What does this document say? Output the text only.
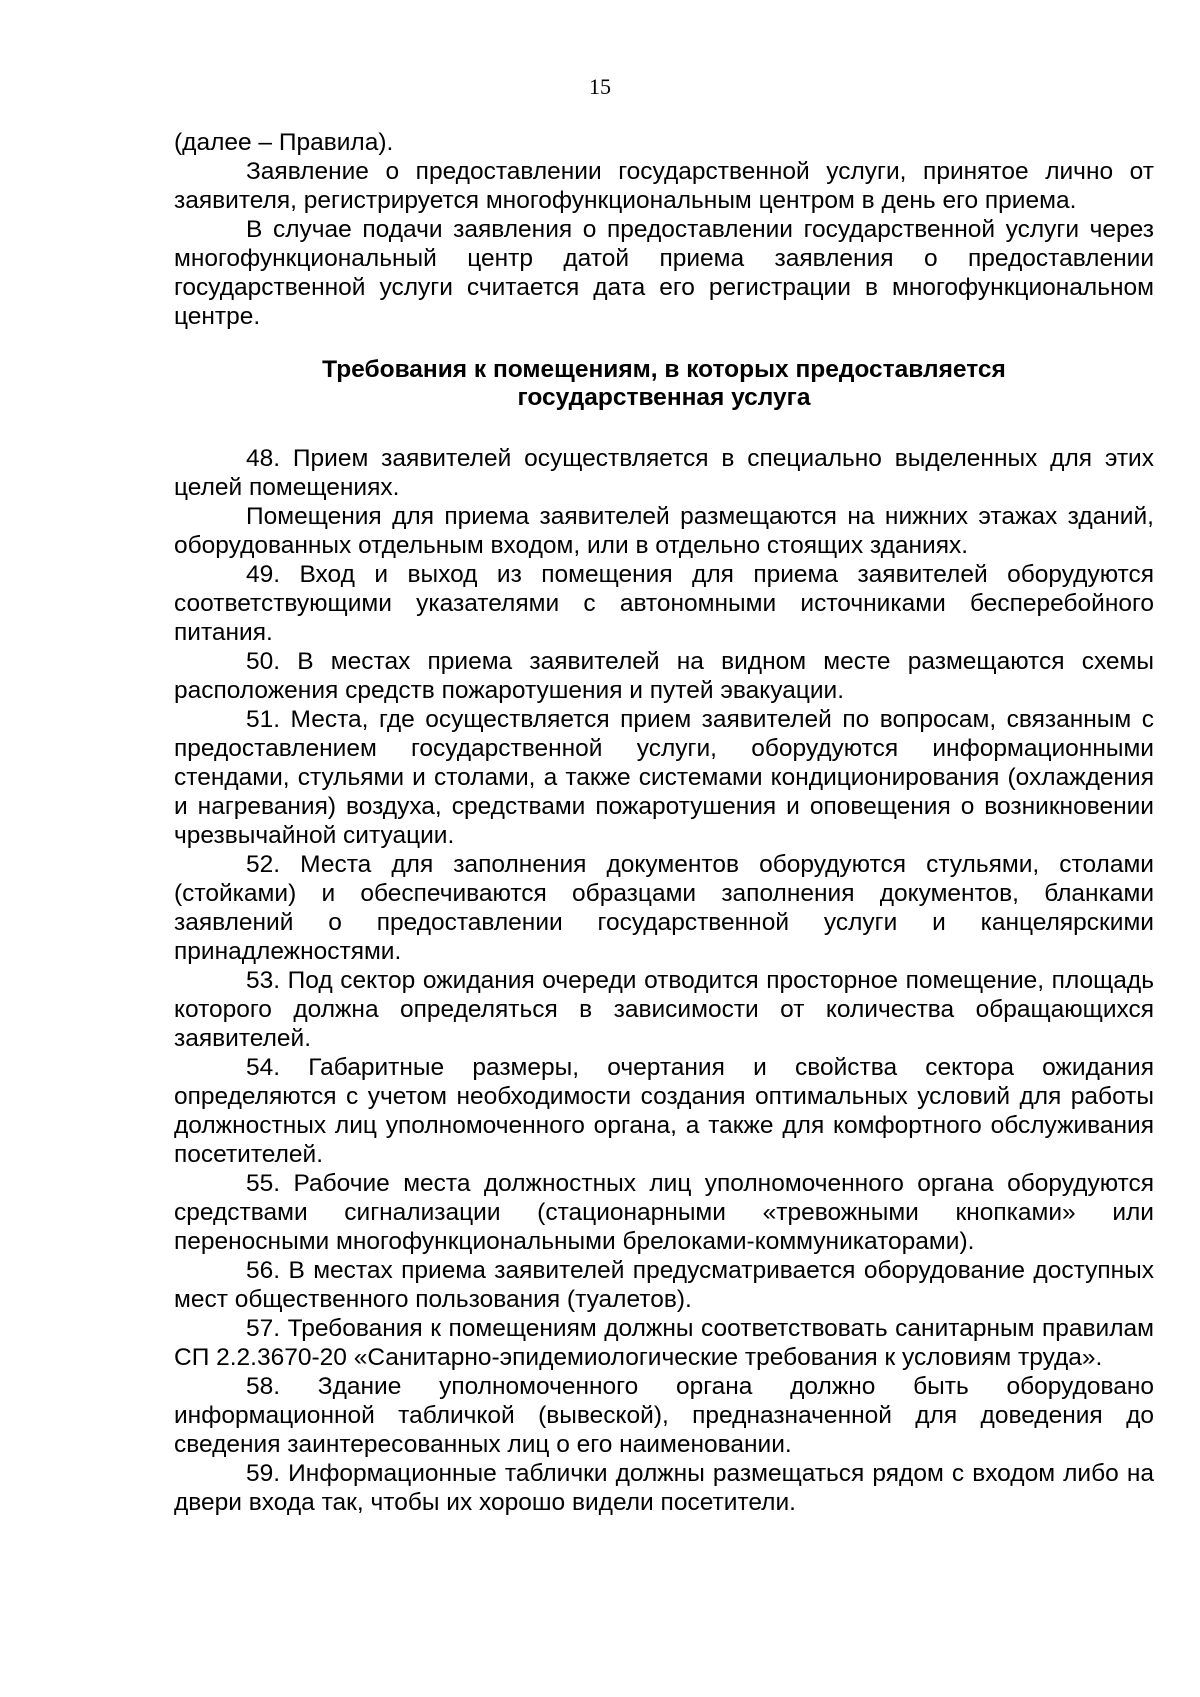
15

(далее – Правила).

Заявление о предоставлении государственной услуги, принятое лично от заявителя, регистрируется многофункциональным центром в день его приема.

В случае подачи заявления о предоставлении государственной услуги через многофункциональный центр датой приема заявления о предоставлении государственной услуги считается дата его регистрации в многофункциональном центре.

Требования к помещениям, в которых предоставляется
государственная услуга

48. Прием заявителей осуществляется в специально выделенных для этих целей помещениях.

Помещения для приема заявителей размещаются на нижних этажах зданий, оборудованных отдельным входом, или в отдельно стоящих зданиях.

49. Вход и выход из помещения для приема заявителей оборудуются соответствующими указателями с автономными источниками бесперебойного питания.

50. В местах приема заявителей на видном месте размещаются схемы расположения средств пожаротушения и путей эвакуации.

51. Места, где осуществляется прием заявителей по вопросам, связанным с предоставлением государственной услуги, оборудуются информационными стендами, стульями и столами, а также системами кондиционирования (охлаждения и нагревания) воздуха, средствами пожаротушения и оповещения о возникновении чрезвычайной ситуации.

52. Места для заполнения документов оборудуются стульями, столами (стойками) и обеспечиваются образцами заполнения документов, бланками заявлений о предоставлении государственной услуги и канцелярскими принадлежностями.

53. Под сектор ожидания очереди отводится просторное помещение, площадь которого должна определяться в зависимости от количества обращающихся заявителей.

54. Габаритные размеры, очертания и свойства сектора ожидания определяются с учетом необходимости создания оптимальных условий для работы должностных лиц уполномоченного органа, а также для комфортного обслуживания посетителей.

55. Рабочие места должностных лиц уполномоченного органа оборудуются средствами сигнализации (стационарными «тревожными кнопками» или переносными многофункциональными брелоками-коммуникаторами).

56. В местах приема заявителей предусматривается оборудование доступных мест общественного пользования (туалетов).

57. Требования к помещениям должны соответствовать санитарным правилам СП 2.2.3670-20 «Санитарно-эпидемиологические требования к условиям труда».

58. Здание уполномоченного органа должно быть оборудовано информационной табличкой (вывеской), предназначенной для доведения до сведения заинтересованных лиц о его наименовании.

59. Информационные таблички должны размещаться рядом с входом либо на двери входа так, чтобы их хорошо видели посетители.
